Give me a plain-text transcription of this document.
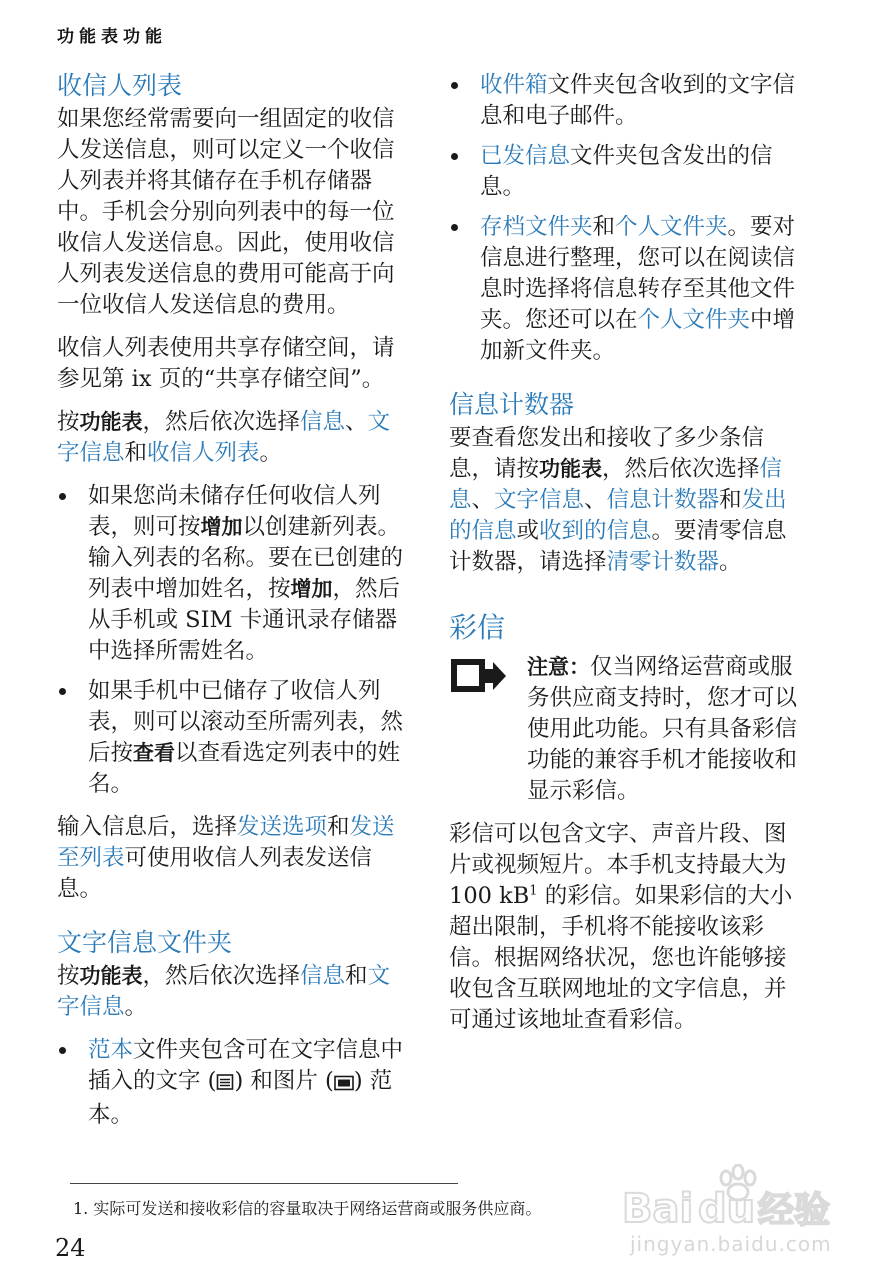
功能表功能
收信人列表

如果您经常需要向一组固定的收信人发送信息，则可以定义一个收信人列表并将其储存在手机存储器中。手机会分别向列表中的每一位收信人发送信息。因此，使用收信人列表发送信息的费用可能高于向一位收信人发送信息的费用。

收信人列表使用共享存储空间，请参见第 ix 页的“共享存储空间”。

按功能表，然后依次选择信息、文字信息和收信人列表。

如果您尚未储存任何收信人列表，则可按增加以创建新列表。输入列表的名称。要在已创建的列表中增加姓名，按增加，然后从手机或 SIM 卡通讯录存储器中选择所需姓名。
如果手机中已储存了收信人列表，则可以滚动至所需列表，然后按查看以查看选定列表中的姓名。

输入信息后，选择发送选项和发送至列表可使用收信人列表发送信息。

文字信息文件夹

按功能表，然后依次选择信息和文字信息。

范本文件夹包含可在文字信息中插入的文字 ( ) 和图片 ( ) 范本。
收件箱文件夹包含收到的文字信息和电子邮件。
已发信息文件夹包含发出的信息。
存档文件夹和个人文件夹。要对信息进行整理，您可以在阅读信息时选择将信息转存至其他文件夹。您还可以在个人文件夹中增加新文件夹。
信息计数器

要查看您发出和接收了多少条信息，请按功能表，然后依次选择信息、文字信息、信息计数器和发出的信息或收到的信息。要清零信息计数器，请选择清零计数器。

彩信
注意：仅当网络运营商或服务供应商支持时，您才可以使用此功能。只有具备彩信功能的兼容手机才能接收和显示彩信。

彩信可以包含文字、声音片段、图片或视频短片。本手机支持最大为 100 $kB^1$ 的彩信。如果彩信的大小超出限制，手机将不能接收该彩信。根据网络状况，您也许能够接收包含互联网地址的文字信息，并可通过该地址查看彩信。

1. 实际可发送和接收彩信的容量取决于网络运营商或服务供应商。
24
Bai du 经验
jingyan.baidu.com
